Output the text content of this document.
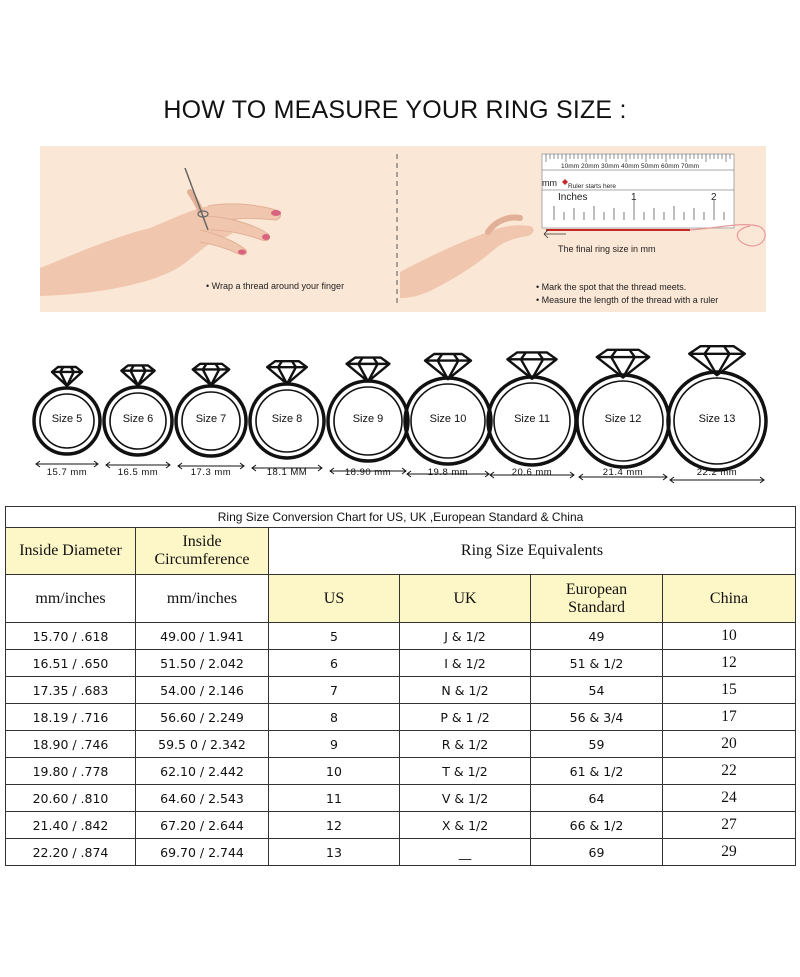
HOW TO MEASURE YOUR RING SIZE :
mm
10mm 20mm 30mm 40mm 50mm 60mm 70mm
Ruler starts here
Inches	1	2
The final ring size in mm
• Wrap a thread around your finger	• Mark the spot that the thread meets.
• Measure the length of the thread with a ruler
Size 5
15.7 mm
Size 6
16.5 mm
Size 7
17.3 mm
Size 8
18.1 MM
Size 9
18.90 mm
Size 10
19.8 mm
Size 11
20.6 mm
Size 12
21.4 mm
Size 13
22.2 mm
Ring Size Conversion Chart for US, UK ,European Standard & China					
Inside Diameter	Inside Circumference	Ring Size Equivalents			
mm/inches	mm/inches	US	UK	European Standard	China
15.70 / .618	49.00 / 1.941	5	J & 1/2	49	10
16.51 / .650	51.50 / 2.042	6	I & 1/2	51 & 1/2	12
17.35 / .683	54.00 / 2.146	7	N & 1/2	54	15
18.19 / .716	56.60 / 2.249	8	P & 1 /2	56 & 3/4	17
18.90 / .746	59.5 0 / 2.342	9	R & 1/2	59	20
19.80 / .778	62.10 / 2.442	10	T & 1/2	61 & 1/2	22
20.60 / .810	64.60 / 2.543	11	V & 1/2	64	24
21.40 / .842	67.20 / 2.644	12	X & 1/2	66 & 1/2	27
22.20 / .874	69.70 / 2.744	13	__	69	29
